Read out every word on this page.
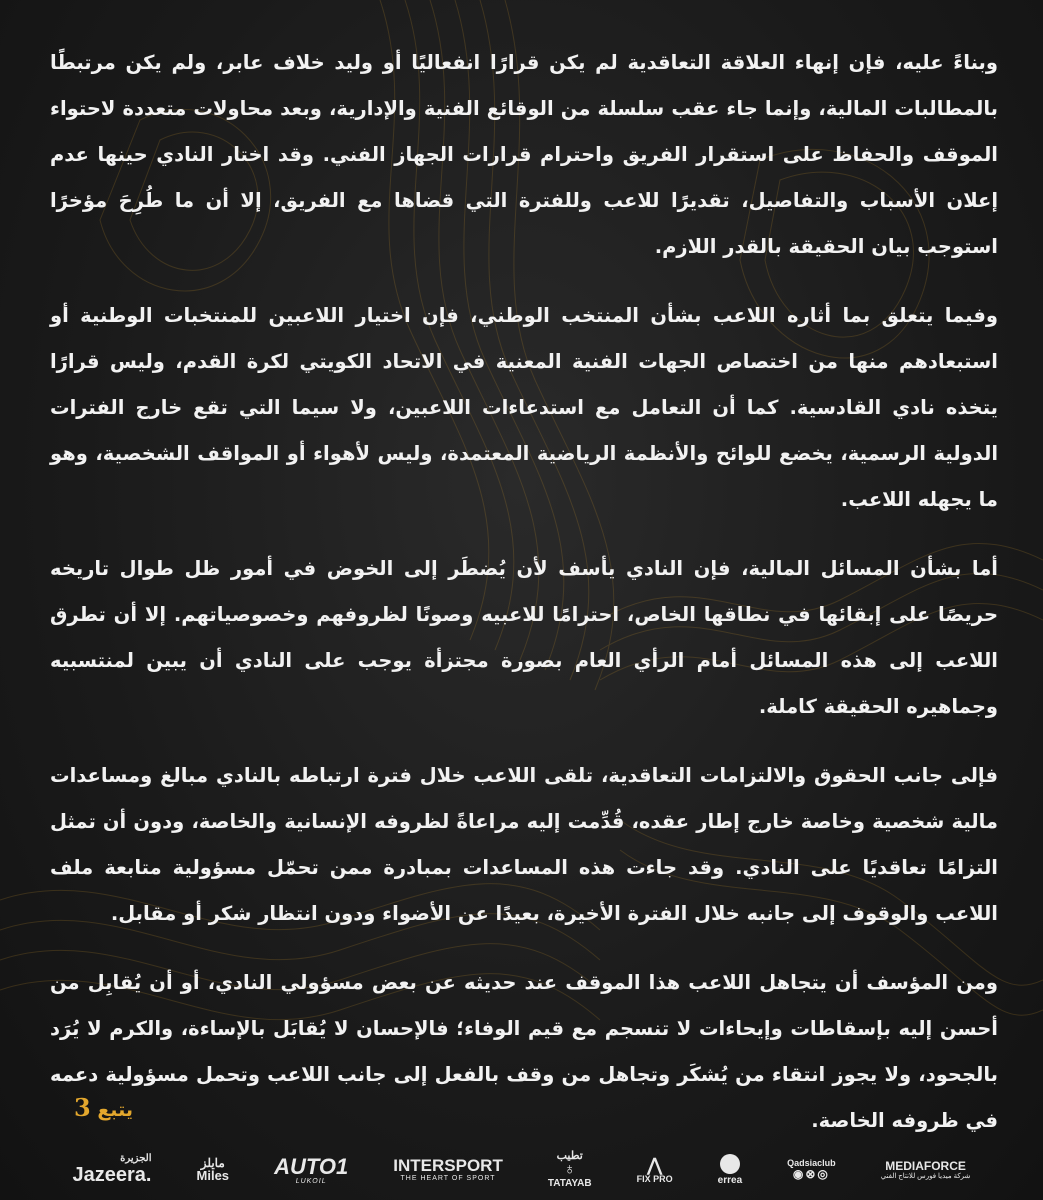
وبناءً عليه، فإن إنهاء العلاقة التعاقدية لم يكن قرارًا انفعاليًا أو وليد خلاف عابر، ولم يكن مرتبطًا بالمطالبات المالية، وإنما جاء عقب سلسلة من الوقائع الفنية والإدارية، وبعد محاولات متعددة لاحتواء الموقف والحفاظ على استقرار الفريق واحترام قرارات الجهاز الفني. وقد اختار النادي حينها عدم إعلان الأسباب والتفاصيل، تقديرًا للاعب وللفترة التي قضاها مع الفريق، إلا أن ما طُرِحَ مؤخرًا استوجب بيان الحقيقة بالقدر اللازم.

وفيما يتعلق بما أثاره اللاعب بشأن المنتخب الوطني، فإن اختيار اللاعبين للمنتخبات الوطنية أو استبعادهم منها من اختصاص الجهات الفنية المعنية في الاتحاد الكويتي لكرة القدم، وليس قرارًا يتخذه نادي القادسية. كما أن التعامل مع استدعاءات اللاعبين، ولا سيما التي تقع خارج الفترات الدولية الرسمية، يخضع للوائح والأنظمة الرياضية المعتمدة، وليس لأهواء أو المواقف الشخصية، وهو ما يجهله اللاعب.

أما بشأن المسائل المالية، فإن النادي يأسف لأن يُضطَر إلى الخوض في أمور ظل طوال تاريخه حريصًا على إبقائها في نطاقها الخاص، احترامًا للاعبيه وصونًا لظروفهم وخصوصياتهم. إلا أن تطرق اللاعب إلى هذه المسائل أمام الرأي العام بصورة مجتزأة يوجب على النادي أن يبين لمنتسبيه وجماهيره الحقيقة كاملة.

فإلى جانب الحقوق والالتزامات التعاقدية، تلقى اللاعب خلال فترة ارتباطه بالنادي مبالغ ومساعدات مالية شخصية وخاصة خارج إطار عقده، قُدِّمت إليه مراعاةً لظروفه الإنسانية والخاصة، ودون أن تمثل التزامًا تعاقديًا على النادي. وقد جاءت هذه المساعدات بمبادرة ممن تحمّل مسؤولية متابعة ملف اللاعب والوقوف إلى جانبه خلال الفترة الأخيرة، بعيدًا عن الأضواء ودون انتظار شكر أو مقابل.

ومن المؤسف أن يتجاهل اللاعب هذا الموقف عند حديثه عن بعض مسؤولي النادي، أو أن يُقابِل من أحسن إليه بإسقاطات وإيحاءات لا تنسجم مع قيم الوفاء؛ فالإحسان لا يُقابَل بالإساءة، والكرم لا يُرَد بالجحود، ولا يجوز انتقاء من يُشكَر وتجاهل من وقف بالفعل إلى جانب اللاعب وتحمل مسؤولية دعمه في ظروفه الخاصة.

يتبع 3
الجزيرة
Jazeera.
مايلز
Miles AUTO1
LUKOIL
INTERSPORT
THE HEART OF SPORT
تطيب
♁
TATAYAB
⋀
FIX PRO	errea
Qadsiaclub
◉⊗◎
MEDIAFORCE
شركة ميديا فورس للانتاج الفني
